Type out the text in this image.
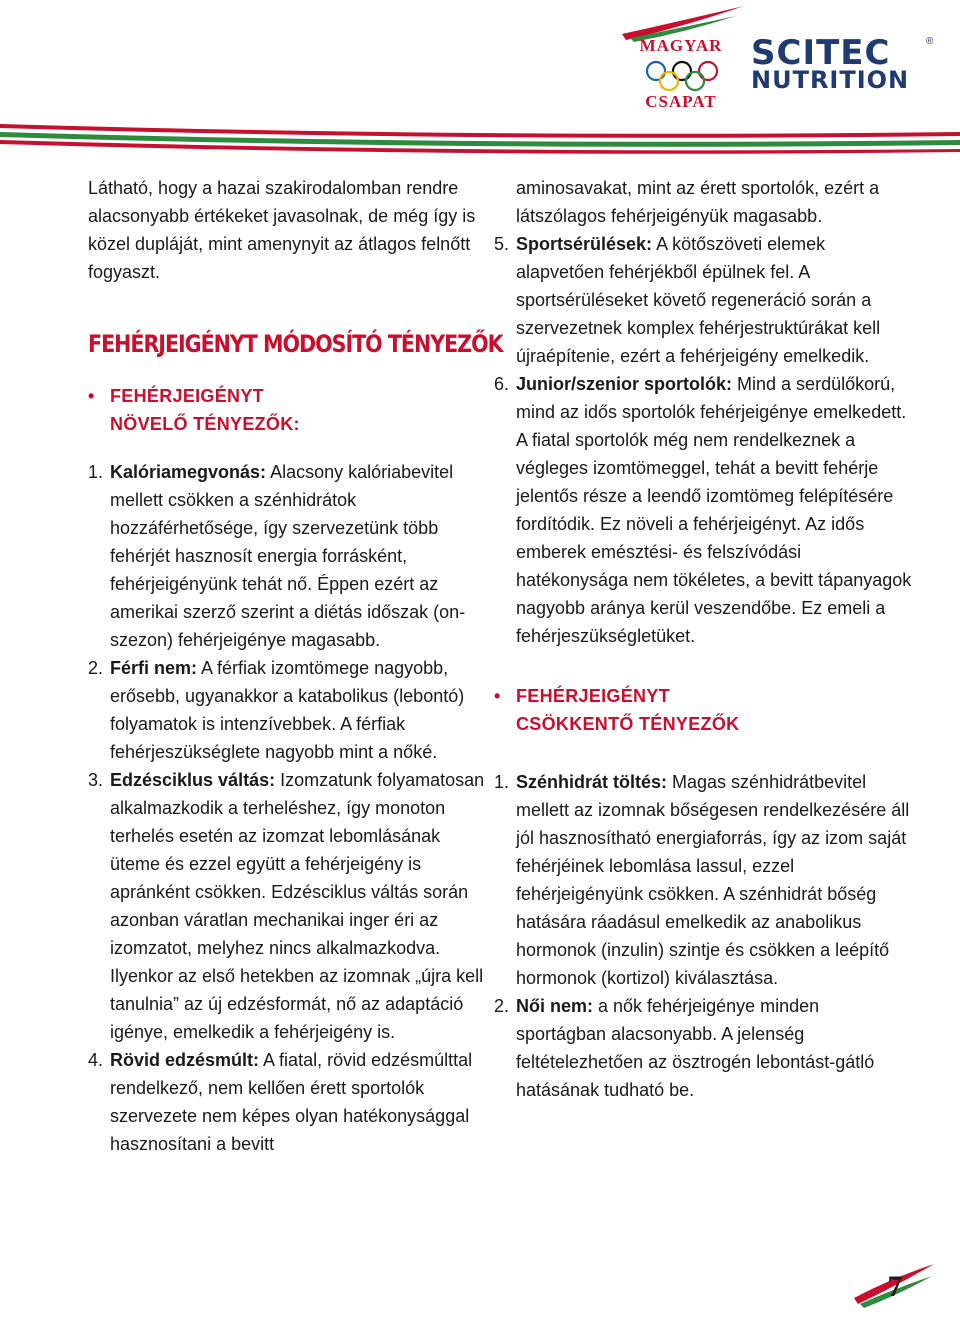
MAGYAR
CSAPAT
SCITEC
NUTRITION
®

Látható, hogy a hazai szakirodalomban rendre alacsonyabb értékeket javasolnak, de még így is közel dupláját, mint amenynyit az átlagos felnőtt fogyaszt.

FEHÉRJEIGÉNYT MÓDOSÍTÓ TÉNYEZŐK
• FEHÉRJEIGÉNYT
NÖVELŐ TÉNYEZŐK:
1. Kalóriamegvonás: Alacsony kalóriabevitel mellett csökken a szénhidrátok hozzáférhetősége, így szervezetünk több fehérjét hasznosít energia forrásként, fehérjeigényünk tehát nő. Éppen ezért az amerikai szerző szerint a diétás időszak (on-szezon) fehérjeigénye magasabb.
2. Férfi nem: A férfiak izomtömege nagyobb, erősebb, ugyanakkor a katabolikus (lebontó) folyamatok is intenzívebbek. A férfiak fehérjeszükséglete nagyobb mint a nőké.
3. Edzésciklus váltás: Izomzatunk folyamatosan alkalmazkodik a terheléshez, így monoton terhelés esetén az izomzat lebomlásának üteme és ezzel együtt a fehérjeigény is apránként csökken. Edzésciklus váltás során azonban váratlan mechanikai inger éri az izomzatot, melyhez nincs alkalmazkodva. Ilyenkor az első hetekben az izomnak „újra kell tanulnia” az új edzésformát, nő az adaptáció igénye, emelkedik a fehérjeigény is.
4. Rövid edzésmúlt: A fiatal, rövid edzésmúlttal rendelkező, nem kellően érett sportolók szervezete nem képes olyan hatékonysággal hasznosítani a bevitt

aminosavakat, mint az érett sportolók, ezért a látszólagos fehérjeigényük magasabb.

5. Sportsérülések: A kötőszöveti elemek alapvetően fehérjékből épülnek fel. A sportsérüléseket követő regeneráció során a szervezetnek komplex fehérjestruktúrákat kell újraépítenie, ezért a fehérjeigény emelkedik.
6. Junior/szenior sportolók: Mind a serdülőkorú, mind az idős sportolók fehérjeigénye emelkedett. A fiatal sportolók még nem rendelkeznek a végleges izomtömeggel, tehát a bevitt fehérje jelentős része a leendő izomtömeg felépítésére fordítódik. Ez növeli a fehérjeigényt. Az idős emberek emésztési- és felszívódási hatékonysága nem tökéletes, a bevitt tápanyagok nagyobb aránya kerül veszendőbe. Ez emeli a fehérjeszükségletüket.
• FEHÉRJEIGÉNYT
CSÖKKENTŐ TÉNYEZŐK
1. Szénhidrát töltés: Magas szénhidrátbevitel mellett az izomnak bőségesen rendelkezésére áll jól hasznosítható energiaforrás, így az izom saját fehérjéinek lebomlása lassul, ezzel fehérjeigényünk csökken. A szénhidrát bőség hatására ráadásul emelkedik az anabolikus hormonok (inzulin) szintje és csökken a leépítő hormonok (kortizol) kiválasztása.
2. Női nem: a nők fehérjeigénye minden sportágban alacsonyabb. A jelenség feltételezhetően az ösztrogén lebontást-gátló hatásának tudható be.
7
